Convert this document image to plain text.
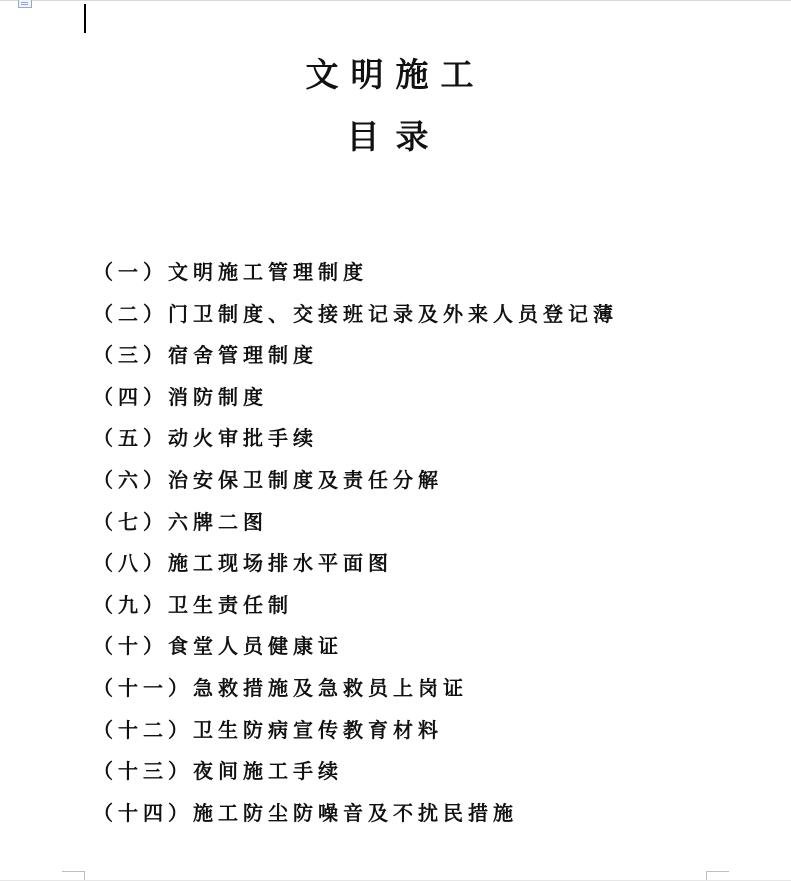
文明施工
目录
（一）文明施工管理制度
（二）门卫制度、交接班记录及外来人员登记薄
（三）宿舍管理制度
（四）消防制度
（五）动火审批手续
（六）治安保卫制度及责任分解
（七）六牌二图
（八）施工现场排水平面图
（九）卫生责任制
（十）食堂人员健康证
（十一）急救措施及急救员上岗证
（十二）卫生防病宣传教育材料
（十三）夜间施工手续
（十四）施工防尘防噪音及不扰民措施
